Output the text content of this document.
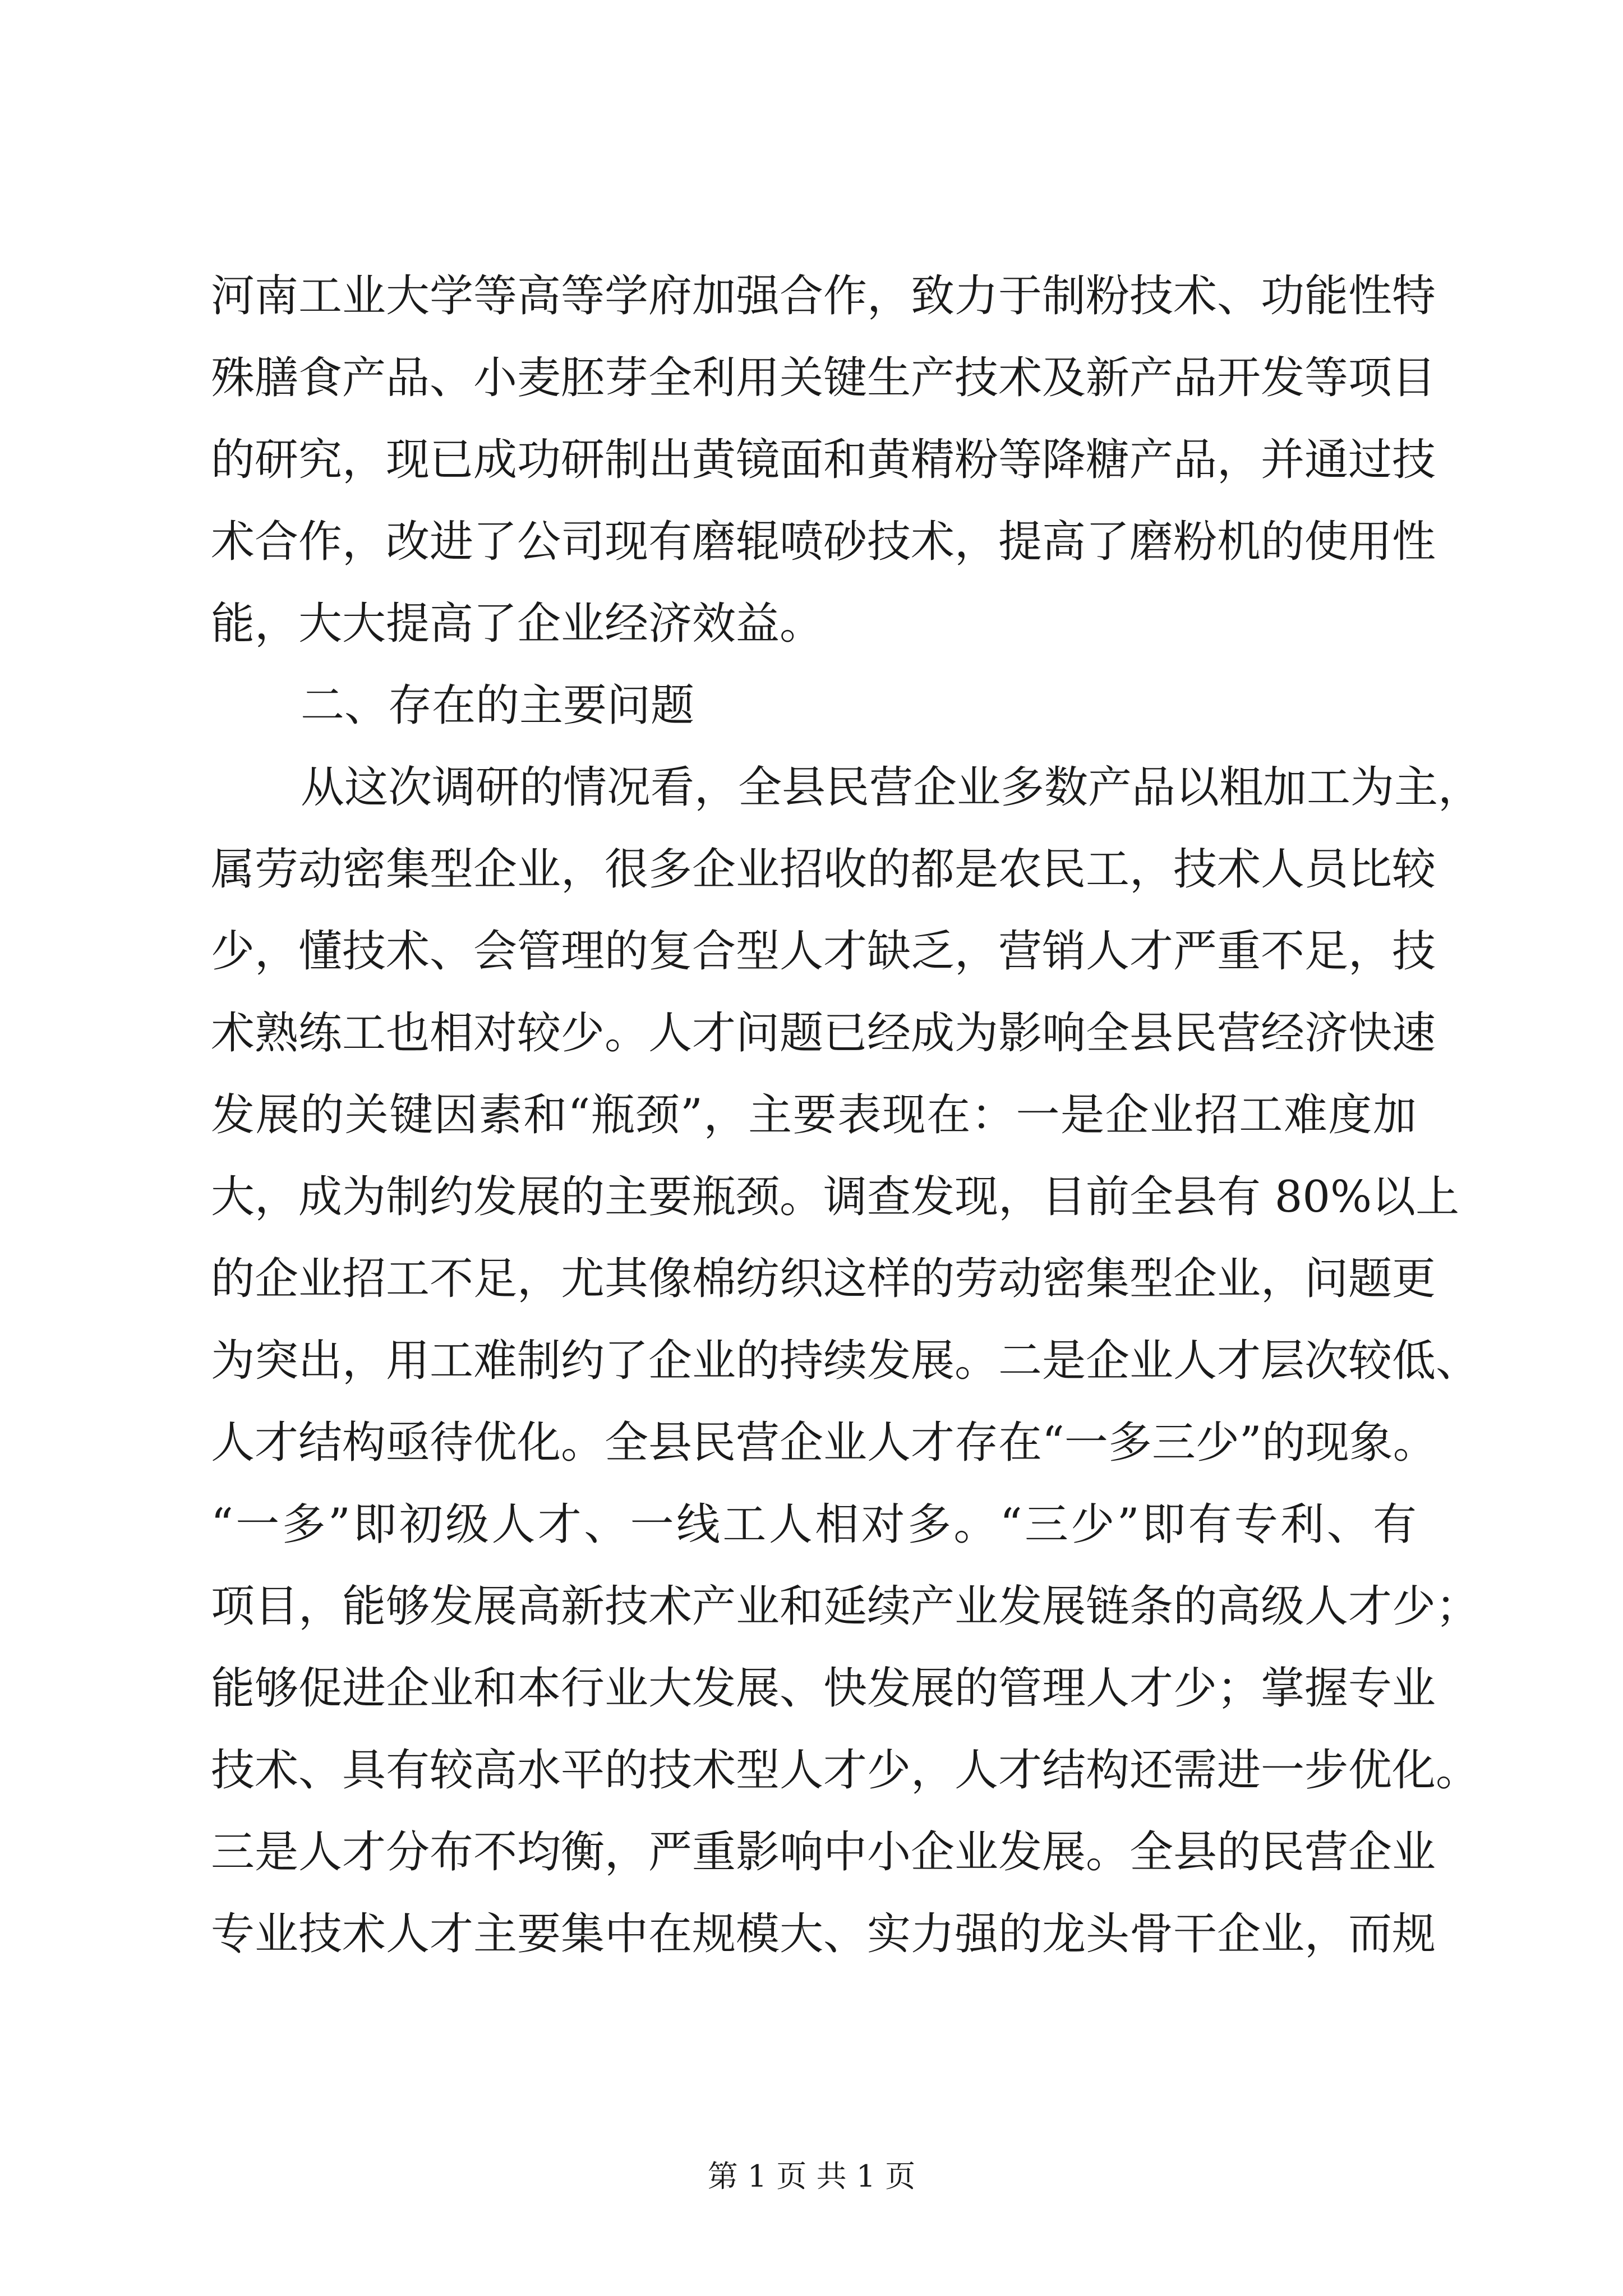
河南工业大学等高等学府加强合作，致力于制粉技术、功能性特
殊膳食产品、小麦胚芽全利用关键生产技术及新产品开发等项目
的研究，现已成功研制出黄镜面和黄精粉等降糖产品，并通过技
术合作，改进了公司现有磨辊喷砂技术，提高了磨粉机的使用性
能，大大提高了企业经济效益。
二、存在的主要问题
从这次调研的情况看，全县民营企业多数产品以粗加工为主，
属劳动密集型企业，很多企业招收的都是农民工，技术人员比较
少，懂技术、会管理的复合型人才缺乏，营销人才严重不足，技
术熟练工也相对较少。人才问题已经成为影响全县民营经济快速
发展的关键因素和“瓶颈”，主要表现在：一是企业招工难度加
大，成为制约发展的主要瓶颈。调查发现，目前全县有 80%以上
的企业招工不足，尤其像棉纺织这样的劳动密集型企业，问题更
为突出，用工难制约了企业的持续发展。二是企业人才层次较低、
人才结构亟待优化。全县民营企业人才存在“一多三少”的现象。
“一多”即初级人才、一线工人相对多。“三少”即有专利、有
项目，能够发展高新技术产业和延续产业发展链条的高级人才少；
能够促进企业和本行业大发展、快发展的管理人才少；掌握专业
技术、具有较高水平的技术型人才少，人才结构还需进一步优化。
三是人才分布不均衡，严重影响中小企业发展。全县的民营企业
专业技术人才主要集中在规模大、实力强的龙头骨干企业，而规
第 1 页 共 1 页
